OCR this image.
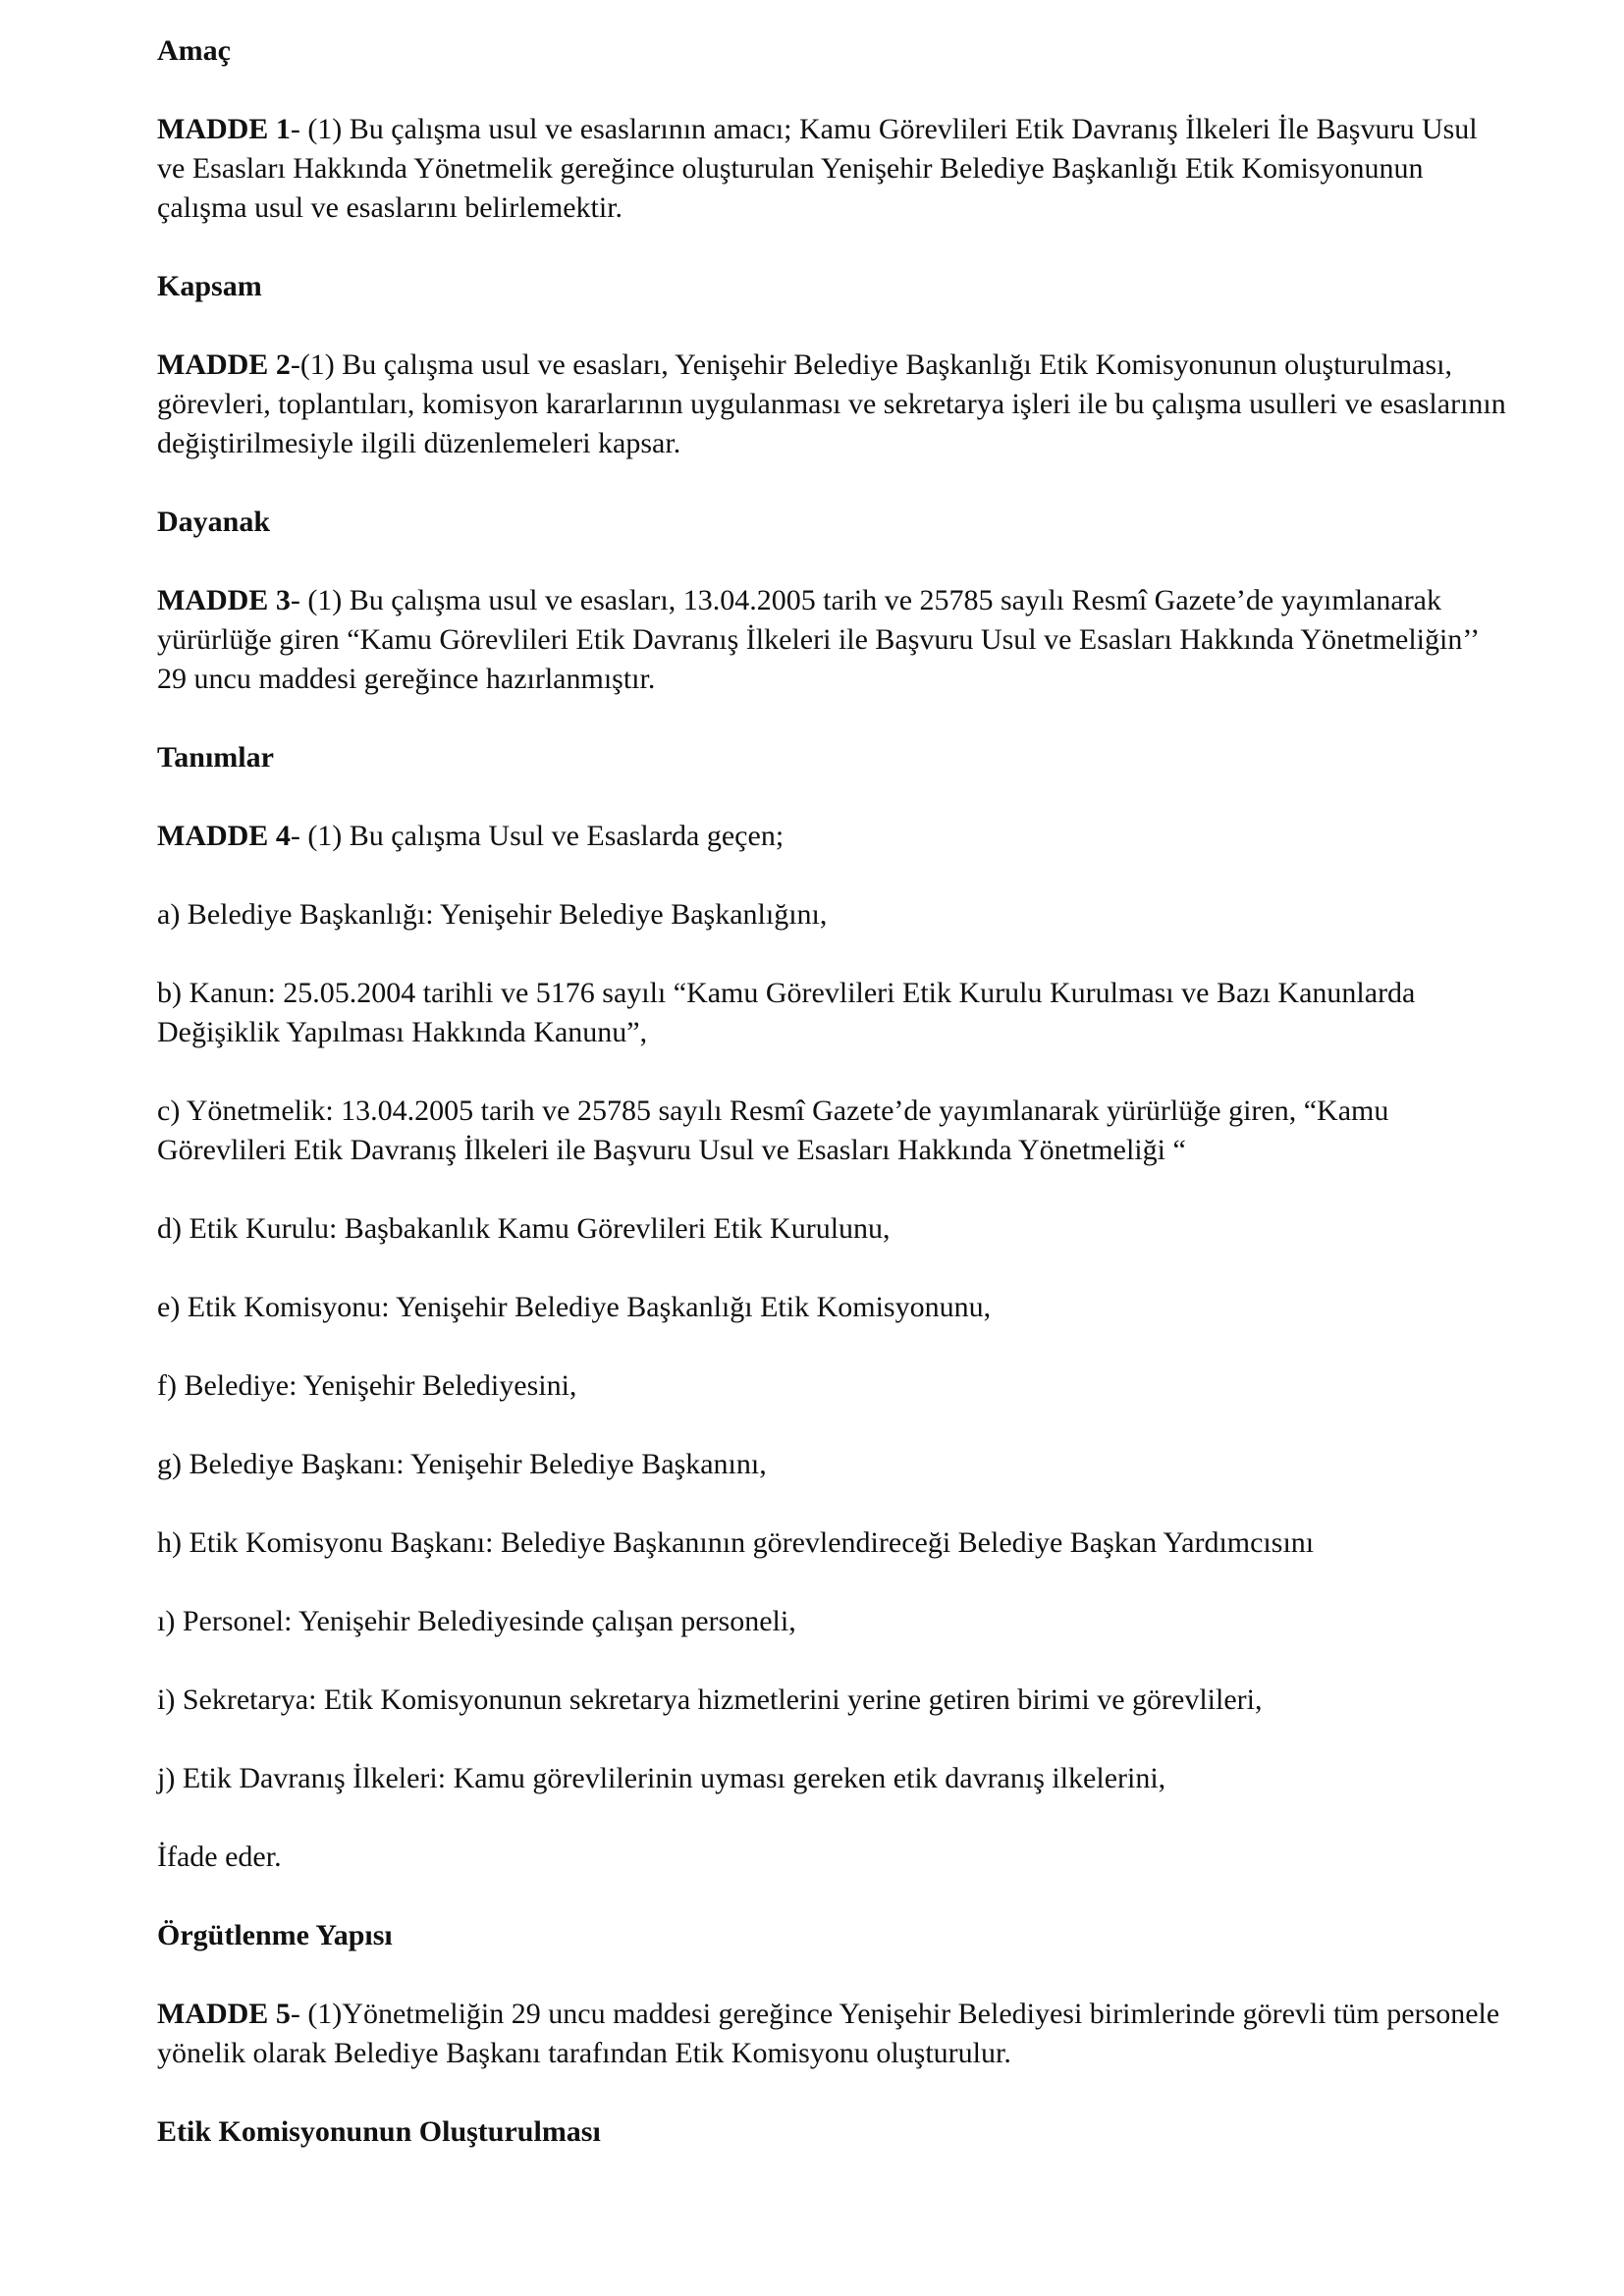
Amaç

MADDE 1- (1) Bu çalışma usul ve esaslarının amacı; Kamu Görevlileri Etik Davranış İlkeleri İle Başvuru Usul ve Esasları Hakkında Yönetmelik gereğince oluşturulan Yenişehir Belediye Başkanlığı Etik Komisyonunun çalışma usul ve esaslarını belirlemektir.

Kapsam

MADDE 2-(1) Bu çalışma usul ve esasları, Yenişehir Belediye Başkanlığı Etik Komisyonunun oluşturulması, görevleri, toplantıları, komisyon kararlarının uygulanması ve sekretarya işleri ile bu çalışma usulleri ve esaslarının değiştirilmesiyle ilgili düzenlemeleri kapsar.

Dayanak

MADDE 3- (1) Bu çalışma usul ve esasları, 13.04.2005 tarih ve 25785 sayılı Resmî Gazete’de yayımlanarak yürürlüğe giren “Kamu Görevlileri Etik Davranış İlkeleri ile Başvuru Usul ve Esasları Hakkında Yönetmeliğin’’ 29 uncu maddesi gereğince hazırlanmıştır.

Tanımlar

MADDE 4- (1) Bu çalışma Usul ve Esaslarda geçen;

a) Belediye Başkanlığı: Yenişehir Belediye Başkanlığını,

b) Kanun: 25.05.2004 tarihli ve 5176 sayılı “Kamu Görevlileri Etik Kurulu Kurulması ve Bazı Kanunlarda Değişiklik Yapılması Hakkında Kanunu”,

c) Yönetmelik: 13.04.2005 tarih ve 25785 sayılı Resmî Gazete’de yayımlanarak yürürlüğe giren, “Kamu Görevlileri Etik Davranış İlkeleri ile Başvuru Usul ve Esasları Hakkında Yönetmeliği “

d) Etik Kurulu: Başbakanlık Kamu Görevlileri Etik Kurulunu,

e) Etik Komisyonu: Yenişehir Belediye Başkanlığı Etik Komisyonunu,

f) Belediye: Yenişehir Belediyesini,

g) Belediye Başkanı: Yenişehir Belediye Başkanını,

h) Etik Komisyonu Başkanı: Belediye Başkanının görevlendireceği Belediye Başkan Yardımcısını

ı) Personel: Yenişehir Belediyesinde çalışan personeli,

i) Sekretarya: Etik Komisyonunun sekretarya hizmetlerini yerine getiren birimi ve görevlileri,

j) Etik Davranış İlkeleri: Kamu görevlilerinin uyması gereken etik davranış ilkelerini,

İfade eder.

Örgütlenme Yapısı

MADDE 5- (1)Yönetmeliğin 29 uncu maddesi gereğince Yenişehir Belediyesi birimlerinde görevli tüm personele yönelik olarak Belediye Başkanı tarafından Etik Komisyonu oluşturulur.

Etik Komisyonunun Oluşturulması
